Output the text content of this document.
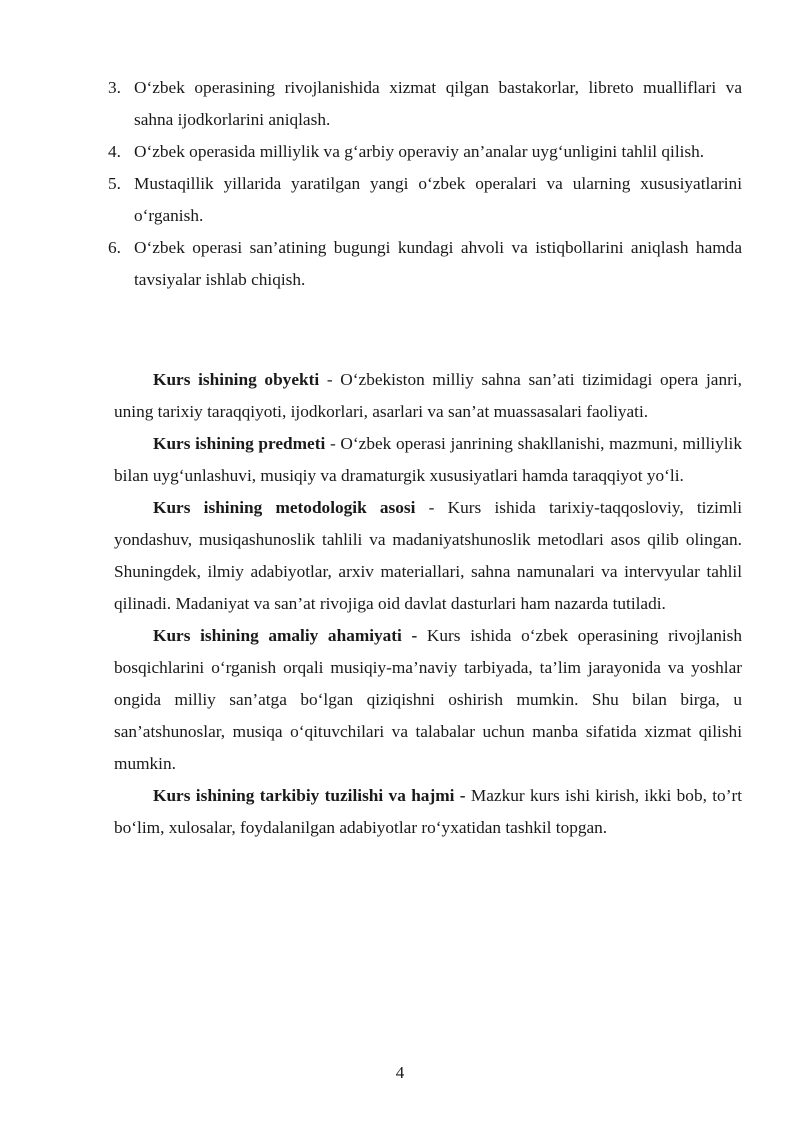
3. O‘zbek operasining rivojlanishida xizmat qilgan bastakorlar, libreto mualliflari va sahna ijodkorlarini aniqlash.
4. O‘zbek operasida milliylik va g‘arbiy operaviy an’analar uyg‘unligini tahlil qilish.
5. Mustaqillik yillarida yaratilgan yangi o‘zbek operalari va ularning xususiyatlarini o‘rganish.
6. O‘zbek operasi san’atining bugungi kundagi ahvoli va istiqbollarini aniqlash hamda tavsiyalar ishlab chiqish.

Kurs ishining obyekti - O‘zbekiston milliy sahna san’ati tizimidagi opera janri, uning tarixiy taraqqiyoti, ijodkorlari, asarlari va san’at muassasalari faoliyati.

Kurs ishining predmeti - O‘zbek operasi janrining shakllanishi, mazmuni, milliylik bilan uyg‘unlashuvi, musiqiy va dramaturgik xususiyatlari hamda taraqqiyot yo‘li.

Kurs ishining metodologik asosi - Kurs ishida tarixiy-taqqosloviy, tizimli yondashuv, musiqashunoslik tahlili va madaniyatshunoslik metodlari asos qilib olingan. Shuningdek, ilmiy adabiyotlar, arxiv materiallari, sahna namunalari va intervyular tahlil qilinadi. Madaniyat va san’at rivojiga oid davlat dasturlari ham nazarda tutiladi.

Kurs ishining amaliy ahamiyati - Kurs ishida o‘zbek operasining rivojlanish bosqichlarini o‘rganish orqali musiqiy-ma’naviy tarbiyada, ta’lim jarayonida va yoshlar ongida milliy san’atga bo‘lgan qiziqishni oshirish mumkin. Shu bilan birga, u san’atshunoslar, musiqa o‘qituvchilari va talabalar uchun manba sifatida xizmat qilishi mumkin.

Kurs ishining tarkibiy tuzilishi va hajmi - Mazkur kurs ishi kirish, ikki bob, to’rt bo‘lim, xulosalar, foydalanilgan adabiyotlar ro‘yxatidan tashkil topgan.

4
